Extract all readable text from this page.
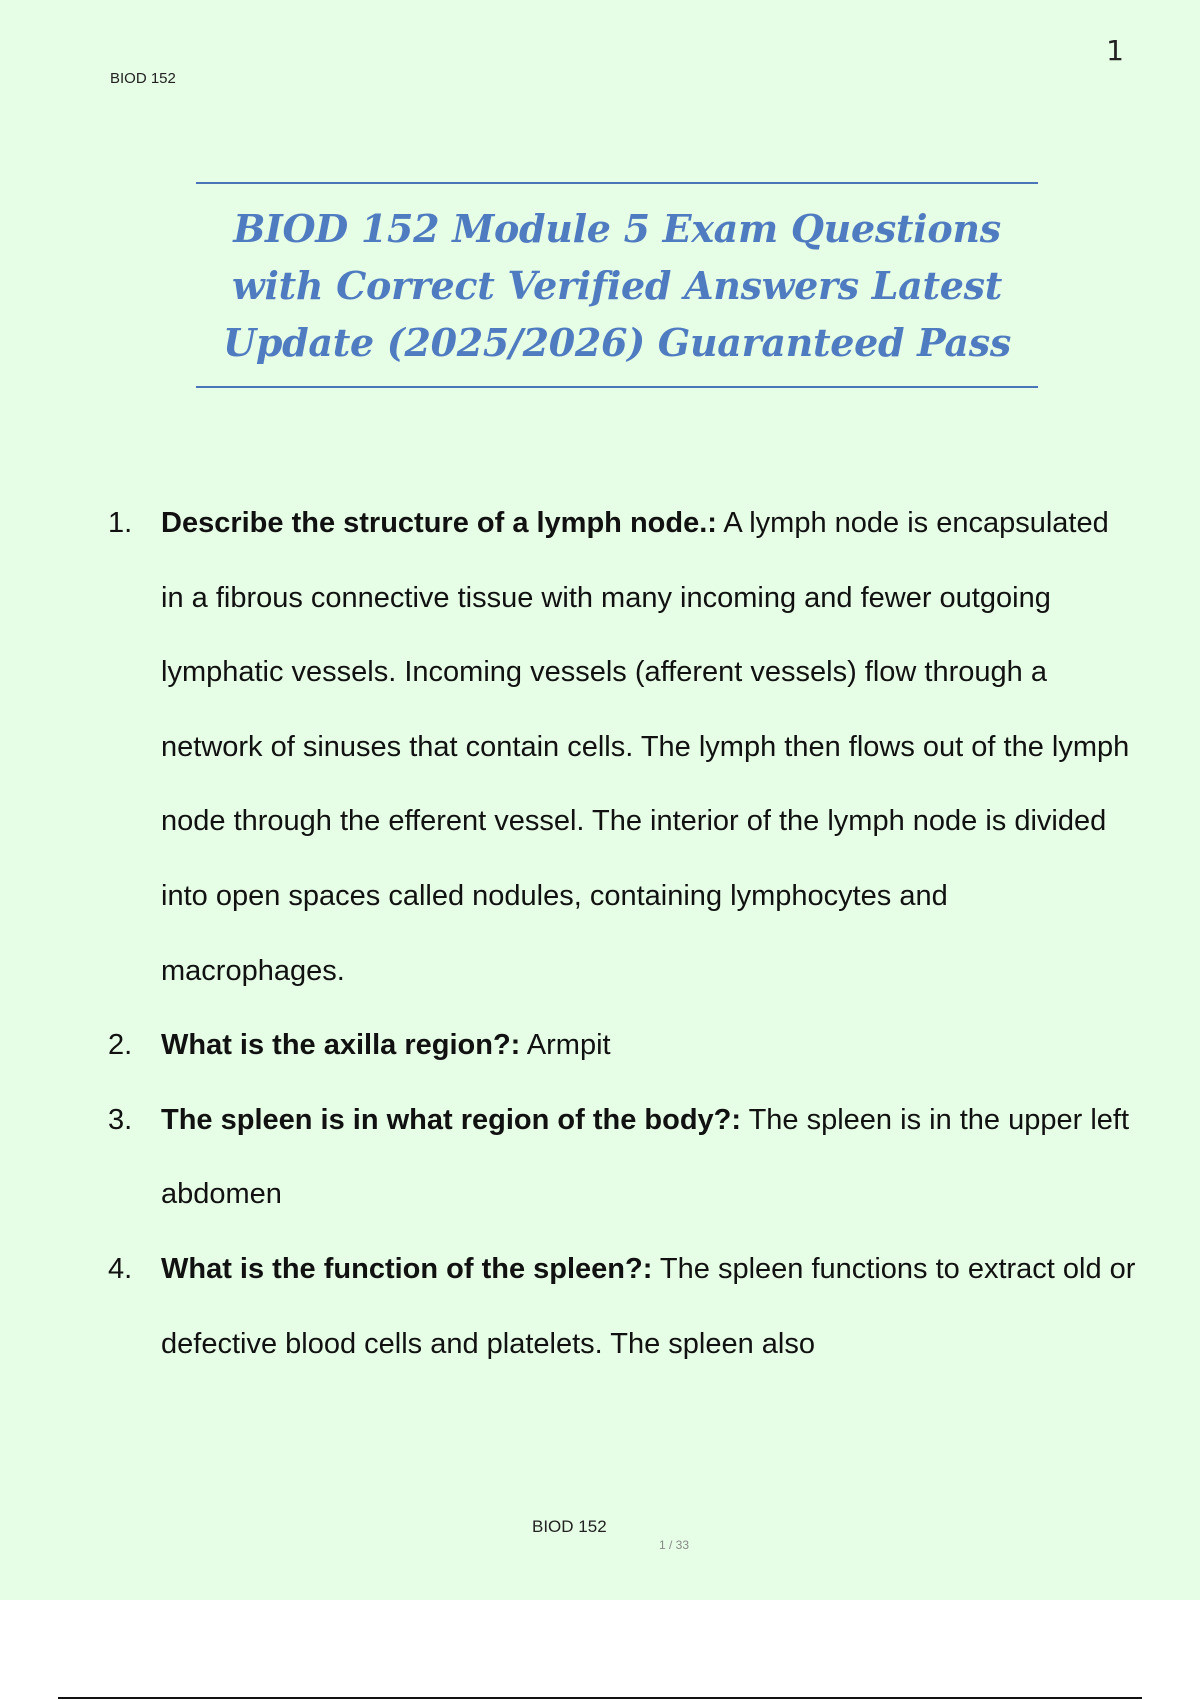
BIOD 152
1
BIOD 152 Module 5 Exam Questions with Correct Verified Answers Latest Update (2025/2026) Guaranteed Pass
1. Describe the structure of a lymph node.: A lymph node is encapsulated in a fibrous connective tissue with many incoming and fewer outgoing lymphatic vessels. Incoming vessels (afferent vessels) flow through a network of sinuses that contain cells. The lymph then flows out of the lymph node through the efferent vessel. The interior of the lymph node is divided into open spaces called nodules, containing lymphocytes and macrophages.
2. What is the axilla region?: Armpit
3. The spleen is in what region of the body?: The spleen is in the upper left abdomen
4. What is the function of the spleen?: The spleen functions to extract old or defective blood cells and platelets. The spleen also
BIOD 152
1 / 33
